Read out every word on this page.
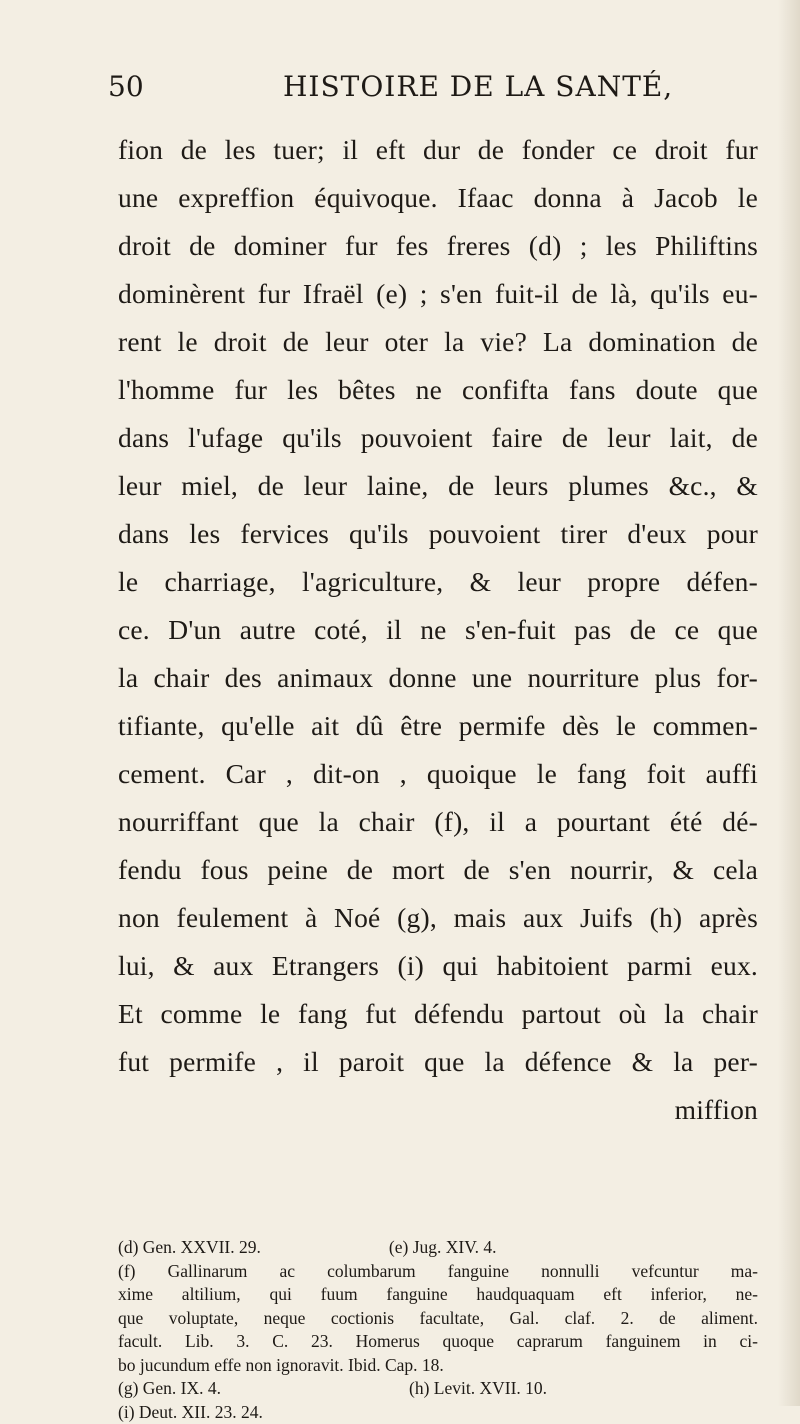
50	HISTOIRE DE LA SANTÉ,
fion de les tuer; il eft dur de fonder ce droit fur
une expreffion équivoque. Ifaac donna à Jacob le
droit de dominer fur fes freres (d) ; les Philiftins
dominèrent fur Ifraël (e) ; s'en fuit-il de là, qu'ils eu-
rent le droit de leur oter la vie? La domination de
l'homme fur les bêtes ne confifta fans doute que
dans l'ufage qu'ils pouvoient faire de leur lait, de
leur miel, de leur laine, de leurs plumes &c., &
dans les fervices qu'ils pouvoient tirer d'eux pour
le charriage, l'agriculture, & leur propre défen-
ce. D'un autre coté, il ne s'en-fuit pas de ce que
la chair des animaux donne une nourriture plus for-
tifiante, qu'elle ait dû être permife dès le commen-
cement. Car , dit-on , quoique le fang foit auffi
nourriffant que la chair (f), il a pourtant été dé-
fendu fous peine de mort de s'en nourrir, & cela
non feulement à Noé (g), mais aux Juifs (h) après
lui, & aux Etrangers (i) qui habitoient parmi eux.
Et comme le fang fut défendu partout où la chair
fut permife , il paroit que la défence & la per-
miffion
(d) Gen. XXVII. 29.	(e) Jug. XIV. 4.
(f) Gallinarum ac columbarum fanguine nonnulli vefcuntur ma-
xime altilium, qui fuum fanguine haudquaquam eft inferior, ne-
que voluptate, neque coctionis facultate, Gal. claf. 2. de aliment.
facult. Lib. 3. C. 23. Homerus quoque caprarum fanguinem in ci-
bo jucundum effe non ignoravit. Ibid. Cap. 18.
(g) Gen. IX. 4.	(h) Levit. XVII. 10.
(i) Deut. XII. 23. 24.
